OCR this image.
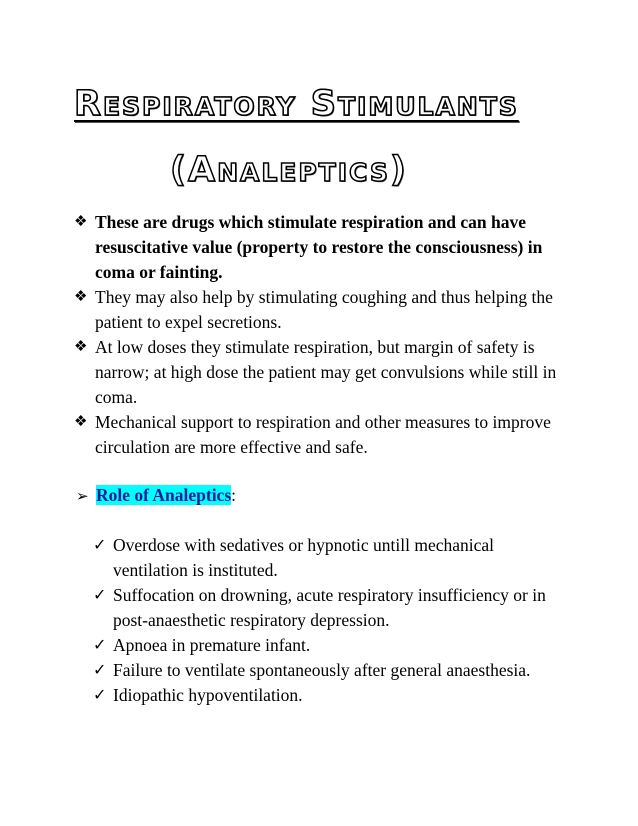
Respiratory Stimulants
(Analeptics)
❖ These are drugs which stimulate respiration and can have resuscitative value (property to restore the consciousness) in coma or fainting.
❖ They may also help by stimulating coughing and thus helping the patient to expel secretions.
❖ At low doses they stimulate respiration, but margin of safety is narrow; at high dose the patient may get convulsions while still in coma.
❖ Mechanical support to respiration and other measures to improve circulation are more effective and safe.
➢ Role of Analeptics:
✓ Overdose with sedatives or hypnotic untill mechanical ventilation is instituted.
✓ Suffocation on drowning, acute respiratory insufficiency or in post-anaesthetic respiratory depression.
✓ Apnoea in premature infant.
✓ Failure to ventilate spontaneously after general anaesthesia.
✓ Idiopathic hypoventilation.
